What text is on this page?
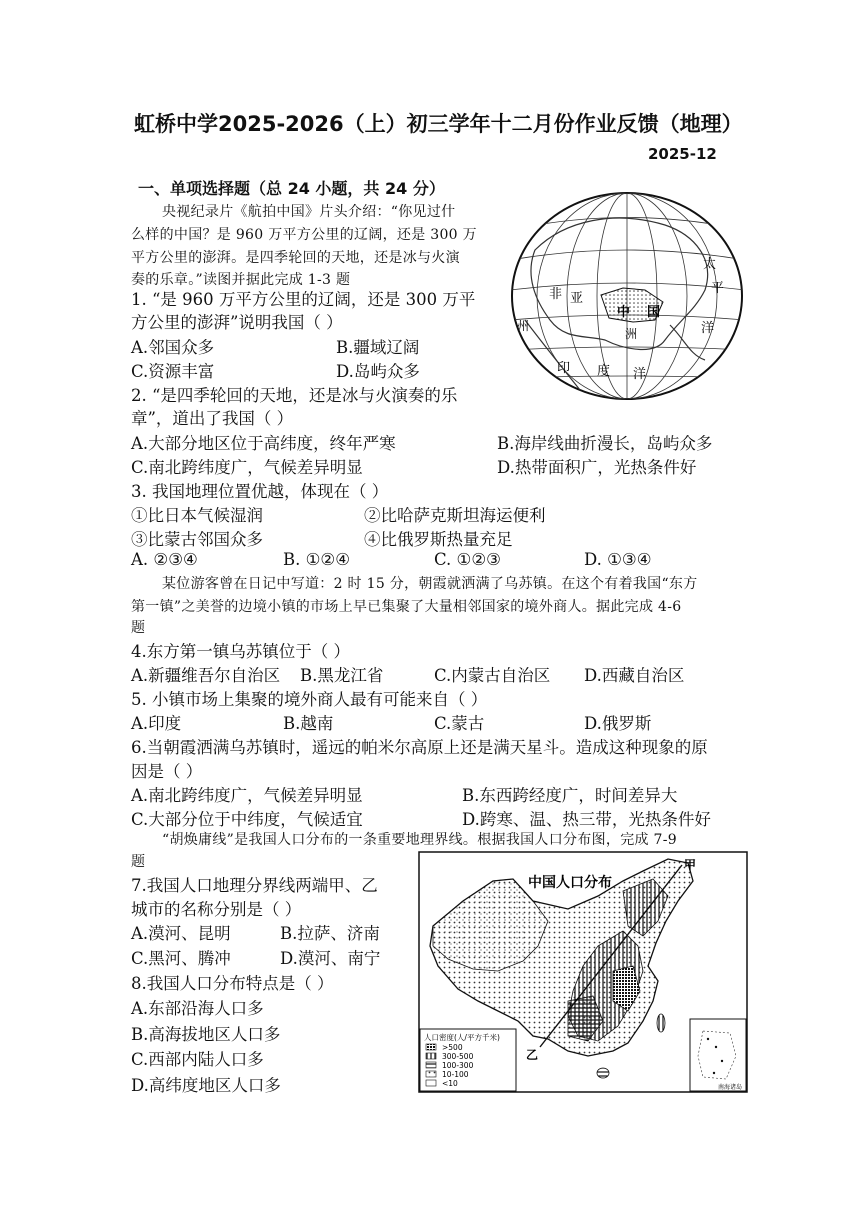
虹桥中学2025-2026（上）初三学年十二月份作业反馈（地理）
2025-12
一、单项选择题（总 24 小题，共 24 分）
央视纪录片《航拍中国》片头介绍：“你见过什
么样的中国？是 960 万平方公里的辽阔，还是 300 万
平方公里的澎湃。是四季轮回的天地，还是冰与火演
奏的乐章。”读图并据此完成 1-3 题
太
平
洋
亚
中 国
洲
非
印 度 洋
州
1. “是 960 万平方公里的辽阔，还是 300 万平
方公里的澎湃”说明我国（ ）
A.邻国众多	B.疆域辽阔
C.资源丰富	D.岛屿众多
2. “是四季轮回的天地，还是冰与火演奏的乐
章”，道出了我国（ ）
A.大部分地区位于高纬度，终年严寒	B.海岸线曲折漫长，岛屿众多
C.南北跨纬度广，气候差异明显	D.热带面积广，光热条件好
3. 我国地理位置优越，体现在（ ）
①比日本气候湿润	②比哈萨克斯坦海运便利
③比蒙古邻国众多	④比俄罗斯热量充足
A. ②③④	B. ①②④	C. ①②③	D. ①③④
某位游客曾在日记中写道：2 时 15 分，朝霞就洒满了乌苏镇。在这个有着我国“东方
第一镇”之美誉的边境小镇的市场上早已集聚了大量相邻国家的境外商人。据此完成 4-6
题
4.东方第一镇乌苏镇位于（ ）
A.新疆维吾尔自治区 B.黑龙江省	C.内蒙古自治区 D.西藏自治区
5. 小镇市场上集聚的境外商人最有可能来自（ ）
A.印度	B.越南	C.蒙古	D.俄罗斯
6.当朝霞洒满乌苏镇时，遥远的帕米尔高原上还是满天星斗。造成这种现象的原
因是（ ）
A.南北跨纬度广，气候差异明显	B.东西跨经度广，时间差异大
C.大部分位于中纬度，气候适宜	D.跨寒、温、热三带，光热条件好
“胡焕庸线”是我国人口分布的一条重要地理界线。根据我国人口分布图，完成 7-9
题
7.我国人口地理分界线两端甲、乙
城市的名称分别是（ ）
A.漠河、昆明	B.拉萨、济南
C.黑河、腾冲	D.漠河、南宁
8.我国人口分布特点是（ ）
A.东部沿海人口多
B.高海拔地区人口多
C.西部内陆人口多
D.高纬度地区人口多
中国人口分布
甲
乙
人口密度(人/平方千米)
>500
300-500
100-300
10-100
<10	南海诸岛
